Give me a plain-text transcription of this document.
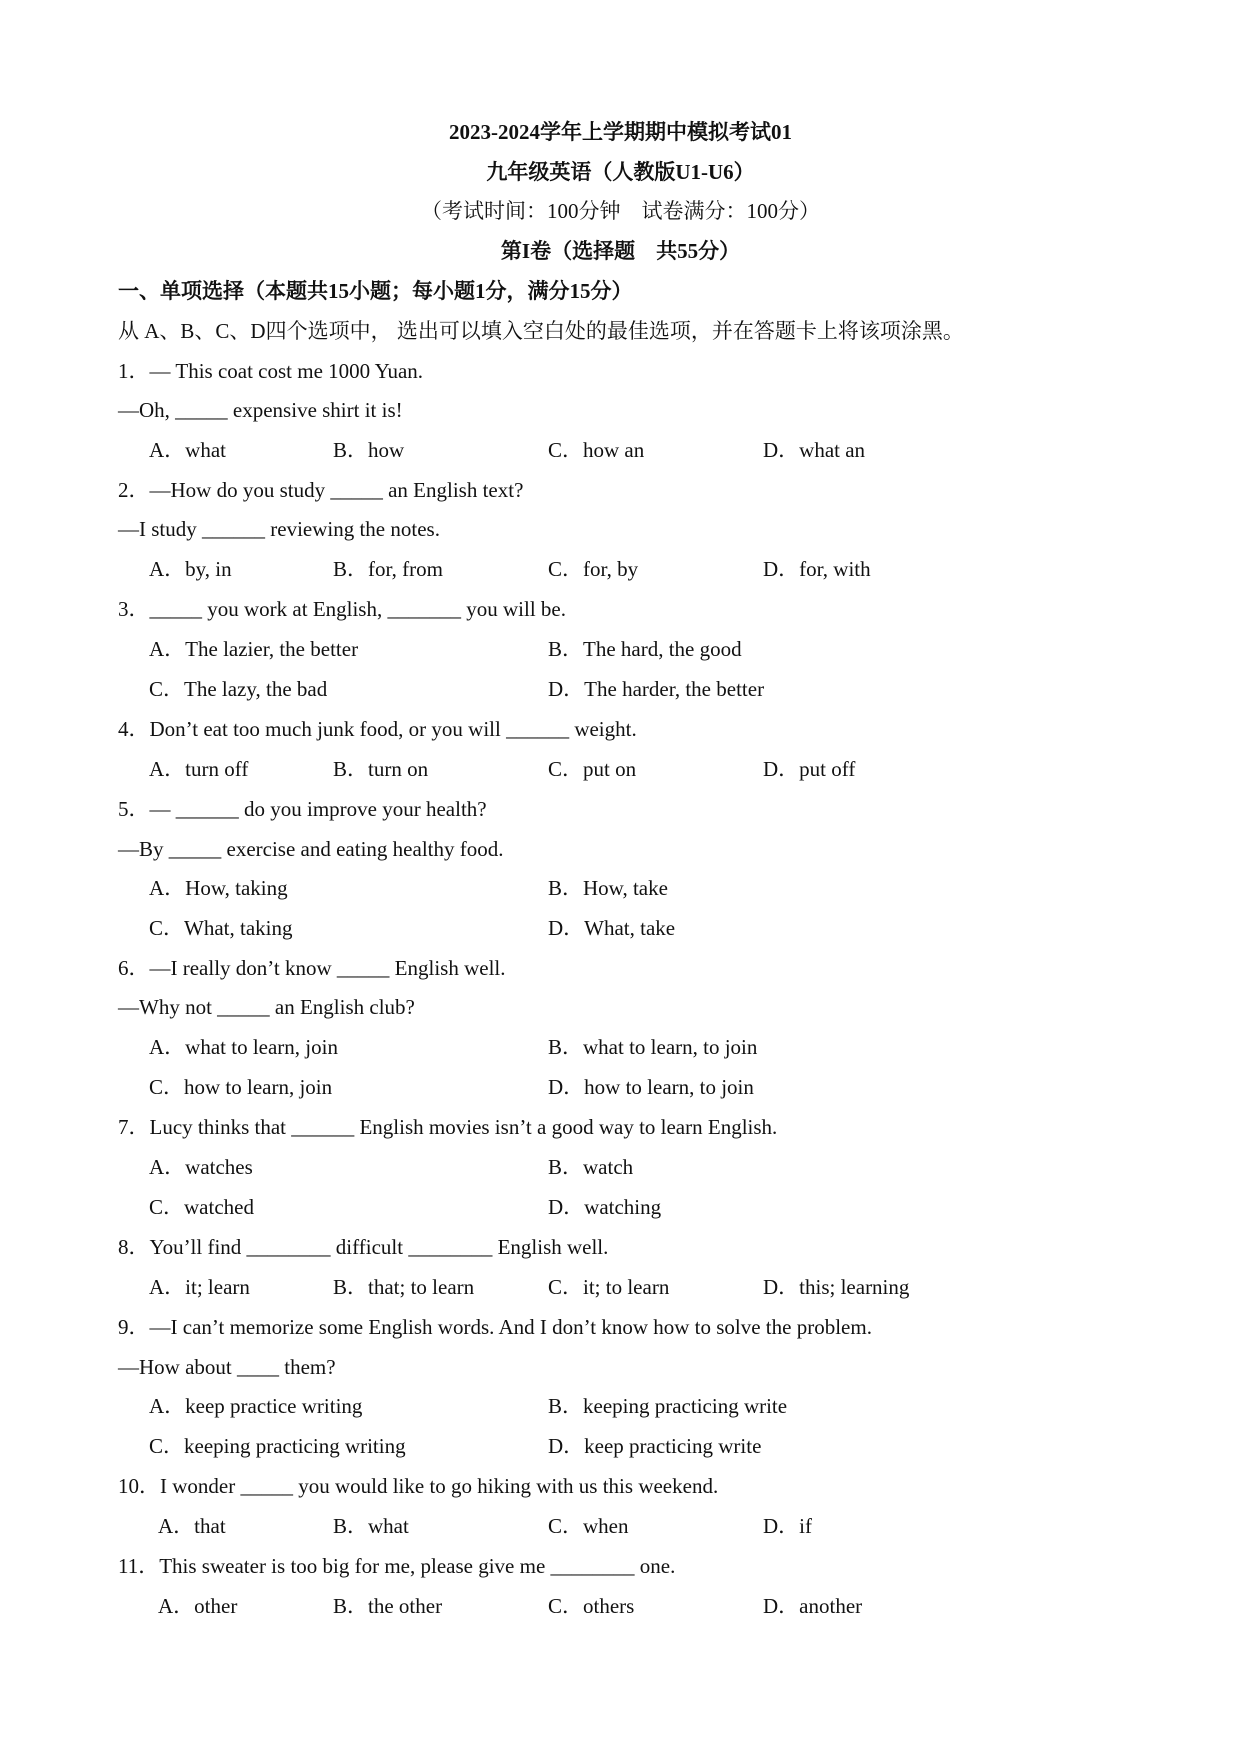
2023-2024学年上学期期中模拟考试01
九年级英语（人教版U1-U6）
（考试时间：100分钟　试卷满分：100分）
第I卷（选择题　共55分）
一、单项选择（本题共15小题；每小题1分，满分15分）
从 A、B、C、D四个选项中， 选出可以填入空白处的最佳选项，并在答题卡上将该项涂黑。
1．— This coat cost me 1000 Yuan.
—Oh, _____ expensive shirt it is!
A．what	B．how	C．how an	D．what an
2．—How do you study _____ an English text?
—I study ______ reviewing the notes.
A．by, in	B．for, from	C．for, by	D．for, with
3．_____ you work at English, _______ you will be.
A．The lazier, the better	B．The hard, the good
C．The lazy, the bad	D．The harder, the better
4．Don’t eat too much junk food, or you will ______ weight.
A．turn off	B．turn on	C．put on	D．put off
5．— ______ do you improve your health?
—By _____ exercise and eating healthy food.
A．How, taking	B．How, take
C．What, taking	D．What, take
6．—I really don’t know _____ English well.
—Why not _____ an English club?
A．what to learn, join	B．what to learn, to join
C．how to learn, join	D．how to learn, to join
7．Lucy thinks that ______ English movies isn’t a good way to learn English.
A．watches	B．watch
C．watched	D．watching
8．You’ll find ________ difficult ________ English well.
A．it; learn	B．that; to learn	C．it; to learn	D．this; learning
9．—I can’t memorize some English words. And I don’t know how to solve the problem.
—How about ____ them?
A．keep practice writing	B．keeping practicing write
C．keeping practicing writing	D．keep practicing write
10．I wonder _____ you would like to go hiking with us this weekend.
A．that	B．what	C．when	D．if
11．This sweater is too big for me, please give me ________ one.
A．other	B．the other	C．others	D．another
